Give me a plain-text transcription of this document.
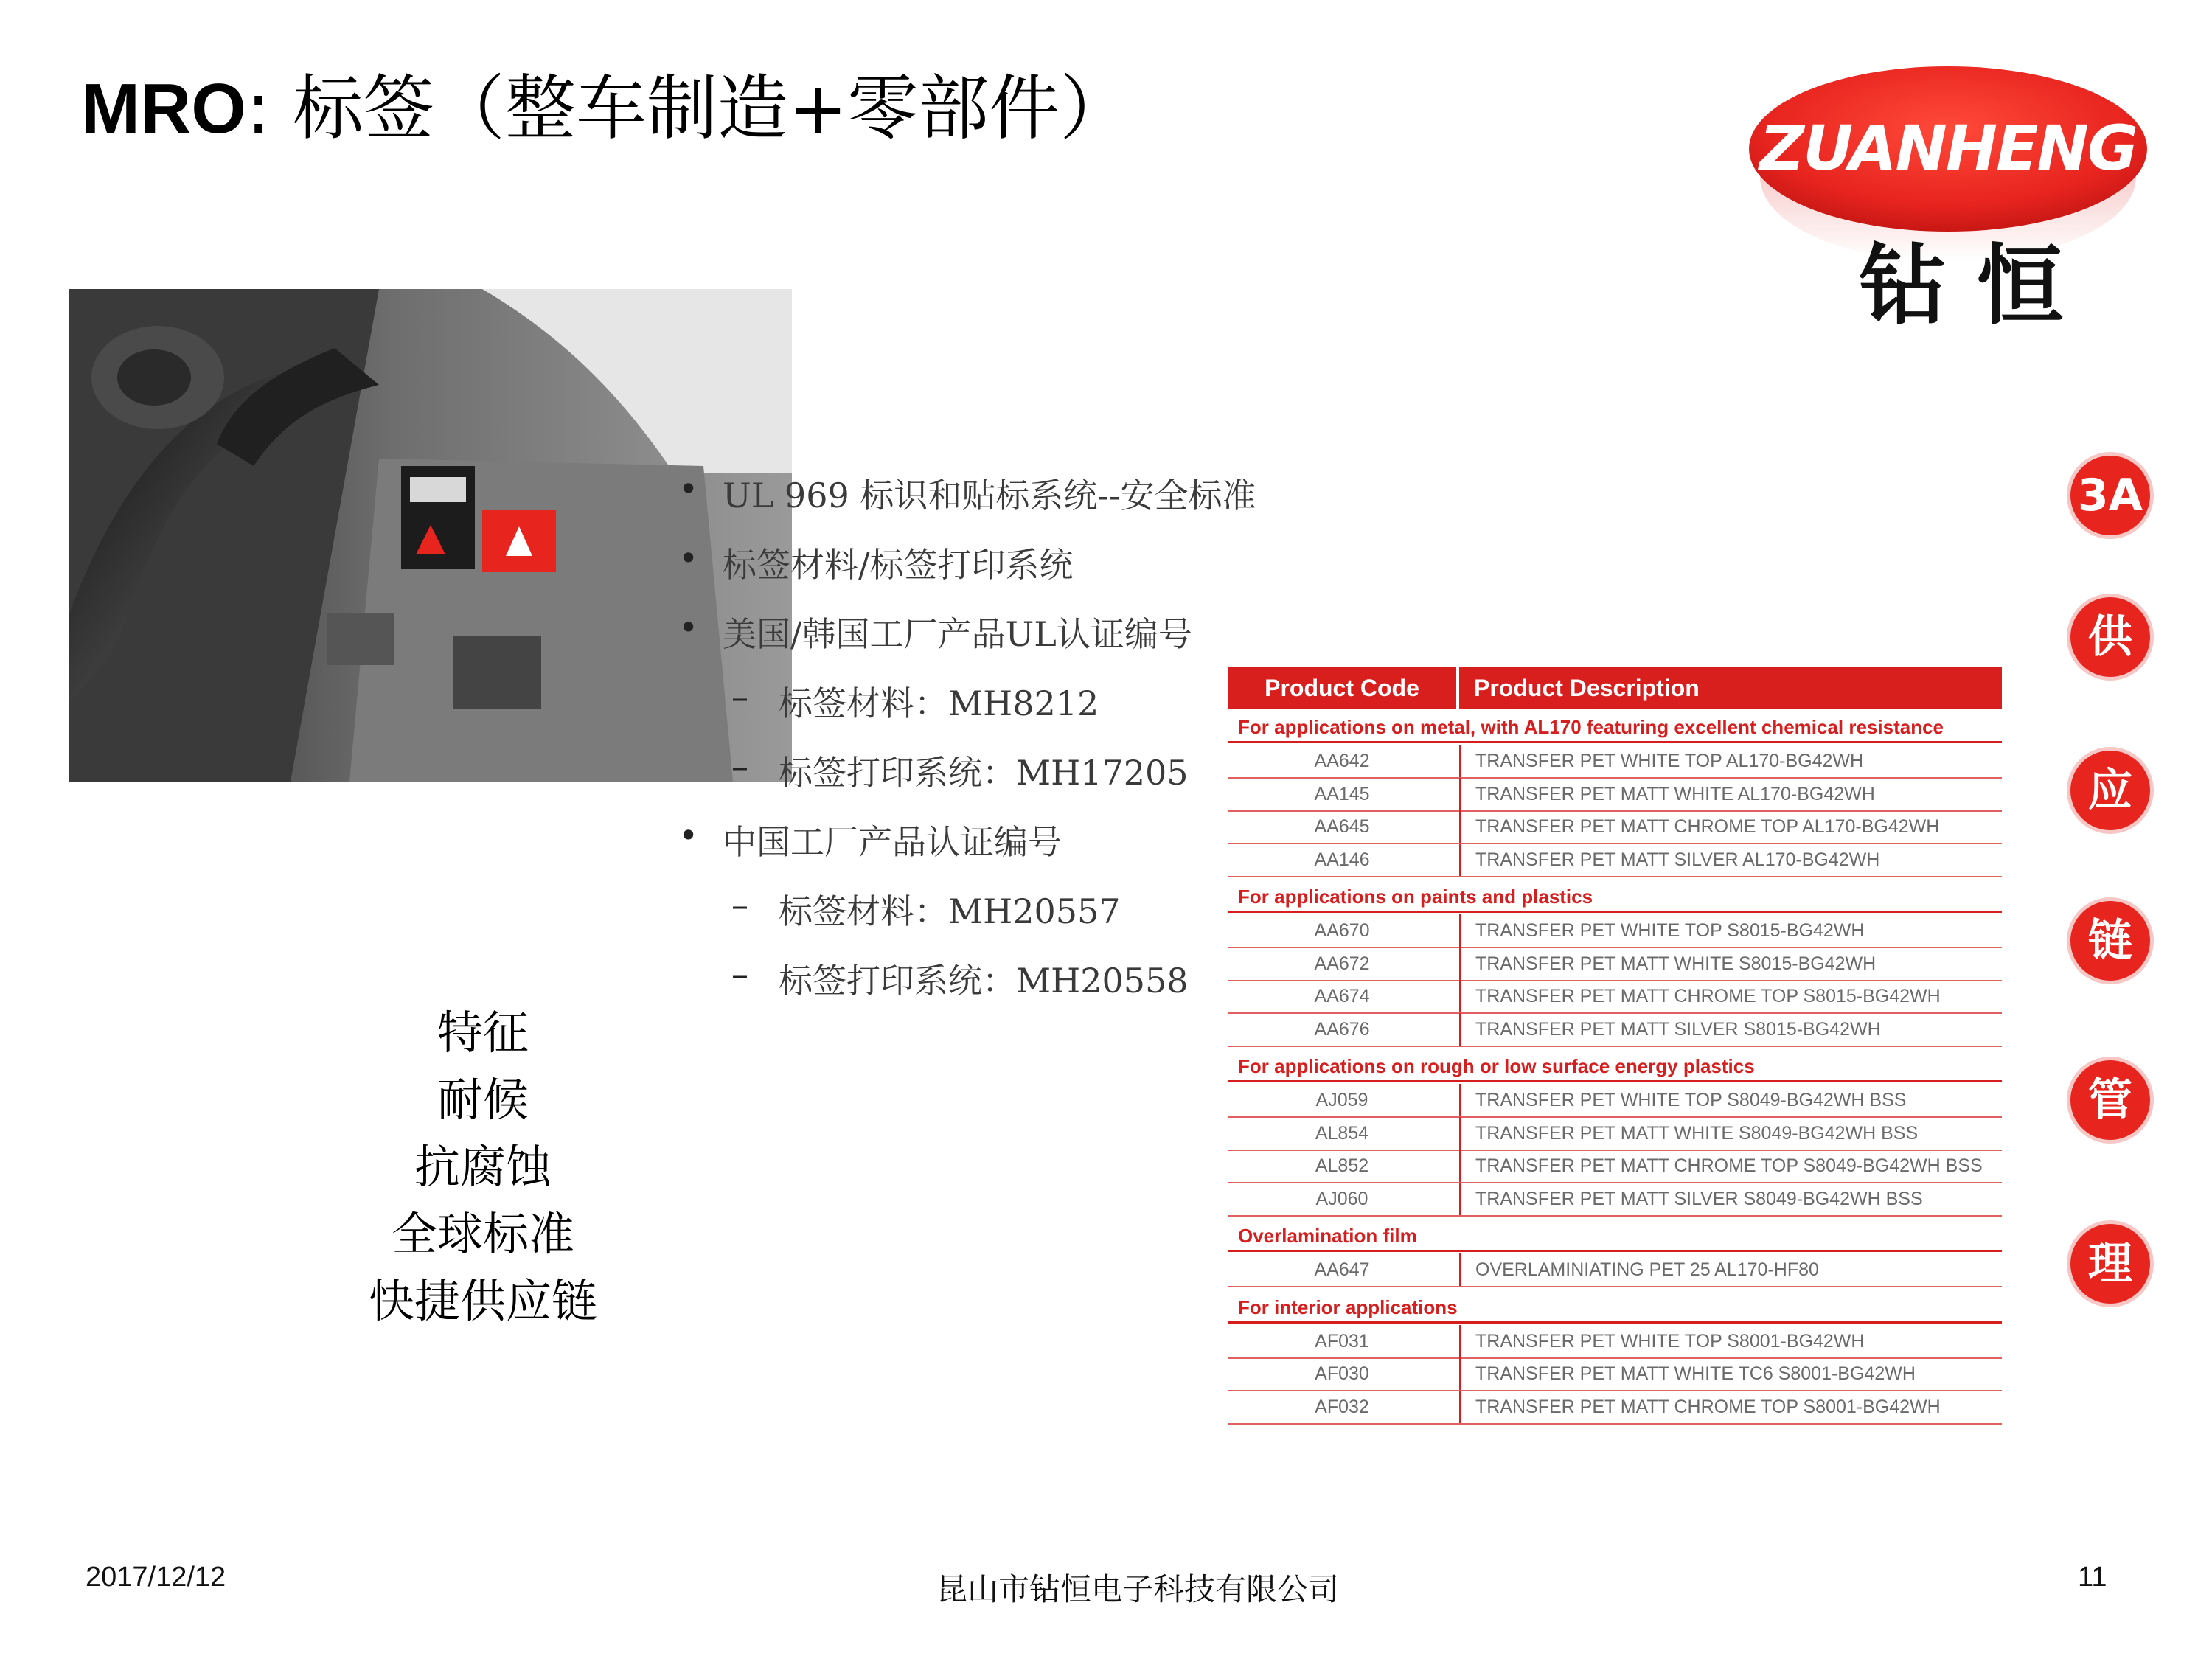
MRO: 标签（整车制造+零部件）	ZUANHENG
钻 恒
• UL 969 标识和贴标系统--安全标准
• 标签材料/标签打印系统
• 美国/韩国工厂产品UL认证编号
– 标签材料：MH8212
– 标签打印系统：MH17205
• 中国工厂产品认证编号
– 标签材料：MH20557
– 标签打印系统：MH20558
特征
耐候
抗腐蚀
全球标准
快捷供应链
Product Code	Product Description
For applications on metal, with AL170 featuring excellent chemical resistance
AA642	TRANSFER PET WHITE TOP AL170-BG42WH
AA145	TRANSFER PET MATT WHITE AL170-BG42WH
AA645	TRANSFER PET MATT CHROME TOP AL170-BG42WH
AA146	TRANSFER PET MATT SILVER AL170-BG42WH
For applications on paints and plastics
AA670	TRANSFER PET WHITE TOP S8015-BG42WH
AA672	TRANSFER PET MATT WHITE S8015-BG42WH
AA674	TRANSFER PET MATT CHROME TOP S8015-BG42WH
AA676	TRANSFER PET MATT SILVER S8015-BG42WH
For applications on rough or low surface energy plastics
AJ059	TRANSFER PET WHITE TOP S8049-BG42WH BSS
AL854	TRANSFER PET MATT WHITE S8049-BG42WH BSS
AL852	TRANSFER PET MATT CHROME TOP S8049-BG42WH BSS
AJ060	TRANSFER PET MATT SILVER S8049-BG42WH BSS
Overlamination film
AA647	OVERLAMINIATING PET 25 AL170-HF80
For interior applications
AF031	TRANSFER PET WHITE TOP S8001-BG42WH
AF030	TRANSFER PET MATT WHITE TC6 S8001-BG42WH
AF032	TRANSFER PET MATT CHROME TOP S8001-BG42WH
3A
供
应
链
管
理
2017/12/12	昆山市钻恒电子科技有限公司	11
